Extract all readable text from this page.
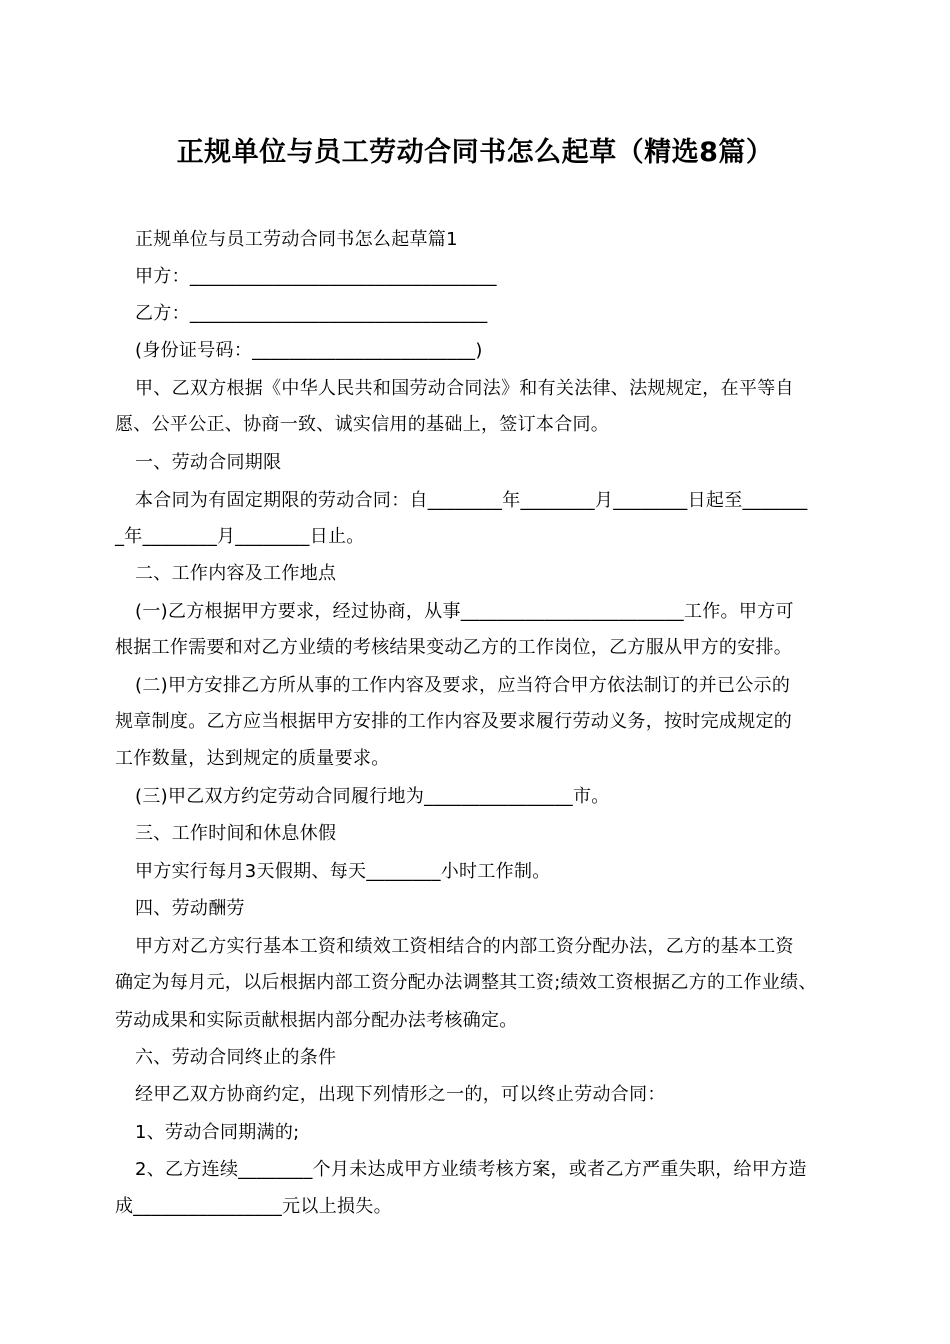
正规单位与员工劳动合同书怎么起草（精选8篇）
正规单位与员工劳动合同书怎么起草篇1
甲方：_________________________________
乙方：________________________________
(身份证号码：________________________)
甲、乙双方根据《中华人民共和国劳动合同法》和有关法律、法规规定，在平等自
愿、公平公正、协商一致、诚实信用的基础上，签订本合同。
一、劳动合同期限
本合同为有固定期限的劳动合同：自________年________月________日起至_______
_年________月________日止。
二、工作内容及工作地点
(一)乙方根据甲方要求，经过协商，从事________________________工作。甲方可
根据工作需要和对乙方业绩的考核结果变动乙方的工作岗位，乙方服从甲方的安排。
(二)甲方安排乙方所从事的工作内容及要求，应当符合甲方依法制订的并已公示的
规章制度。乙方应当根据甲方安排的工作内容及要求履行劳动义务，按时完成规定的
工作数量，达到规定的质量要求。
(三)甲乙双方约定劳动合同履行地为________________市。
三、工作时间和休息休假
甲方实行每月3天假期、每天________小时工作制。
四、劳动酬劳
甲方对乙方实行基本工资和绩效工资相结合的内部工资分配办法，乙方的基本工资
确定为每月元，以后根据内部工资分配办法调整其工资;绩效工资根据乙方的工作业绩、
劳动成果和实际贡献根据内部分配办法考核确定。
六、劳动合同终止的条件
经甲乙双方协商约定，出现下列情形之一的，可以终止劳动合同：
1、劳动合同期满的;
2、乙方连续________个月未达成甲方业绩考核方案，或者乙方严重失职，给甲方造
成________________元以上损失。
